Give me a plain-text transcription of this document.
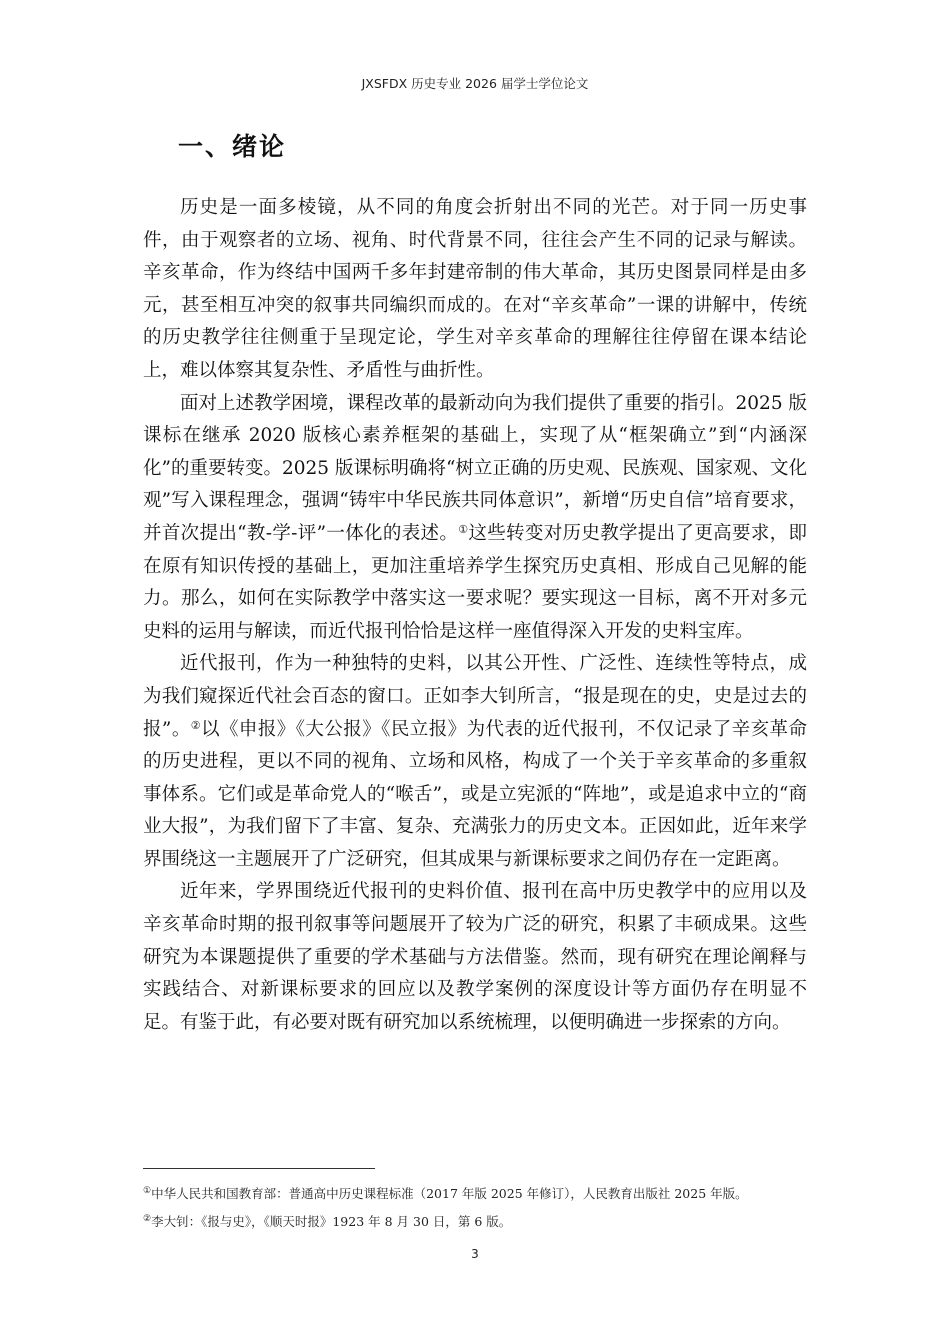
JXSFDX 历史专业 2026 届学士学位论文
一、绪论

历史是一面多棱镜，从不同的角度会折射出不同的光芒。对于同一历史事件，由于观察者的立场、视角、时代背景不同，往往会产生不同的记录与解读。辛亥革命，作为终结中国两千多年封建帝制的伟大革命，其历史图景同样是由多元，甚至相互冲突的叙事共同编织而成的。在对“辛亥革命”一课的讲解中，传统的历史教学往往侧重于呈现定论，学生对辛亥革命的理解往往停留在课本结论上，难以体察其复杂性、矛盾性与曲折性。

面对上述教学困境，课程改革的最新动向为我们提供了重要的指引。2025 版课标在继承 2020 版核心素养框架的基础上，实现了从“框架确立”到“内涵深化”的重要转变。2025 版课标明确将“树立正确的历史观、民族观、国家观、文化观”写入课程理念，强调“铸牢中华民族共同体意识”，新增“历史自信”培育要求，并首次提出“教-学-评”一体化的表述。①这些转变对历史教学提出了更高要求，即在原有知识传授的基础上，更加注重培养学生探究历史真相、形成自己见解的能力。那么，如何在实际教学中落实这一要求呢？要实现这一目标，离不开对多元史料的运用与解读，而近代报刊恰恰是这样一座值得深入开发的史料宝库。

近代报刊，作为一种独特的史料，以其公开性、广泛性、连续性等特点，成为我们窥探近代社会百态的窗口。正如李大钊所言，“报是现在的史，史是过去的报”。②以《申报》《大公报》《民立报》为代表的近代报刊，不仅记录了辛亥革命的历史进程，更以不同的视角、立场和风格，构成了一个关于辛亥革命的多重叙事体系。它们或是革命党人的“喉舌”，或是立宪派的“阵地”，或是追求中立的“商业大报”，为我们留下了丰富、复杂、充满张力的历史文本。正因如此，近年来学界围绕这一主题展开了广泛研究，但其成果与新课标要求之间仍存在一定距离。

近年来，学界围绕近代报刊的史料价值、报刊在高中历史教学中的应用以及辛亥革命时期的报刊叙事等问题展开了较为广泛的研究，积累了丰硕成果。这些研究为本课题提供了重要的学术基础与方法借鉴。然而，现有研究在理论阐释与实践结合、对新课标要求的回应以及教学案例的深度设计等方面仍存在明显不足。有鉴于此，有必要对既有研究加以系统梳理，以便明确进一步探索的方向。

①中华人民共和国教育部：普通高中历史课程标准（2017 年版 2025 年修订），人民教育出版社 2025 年版。
②李大钊：《报与史》，《顺天时报》1923 年 8 月 30 日，第 6 版。
3
